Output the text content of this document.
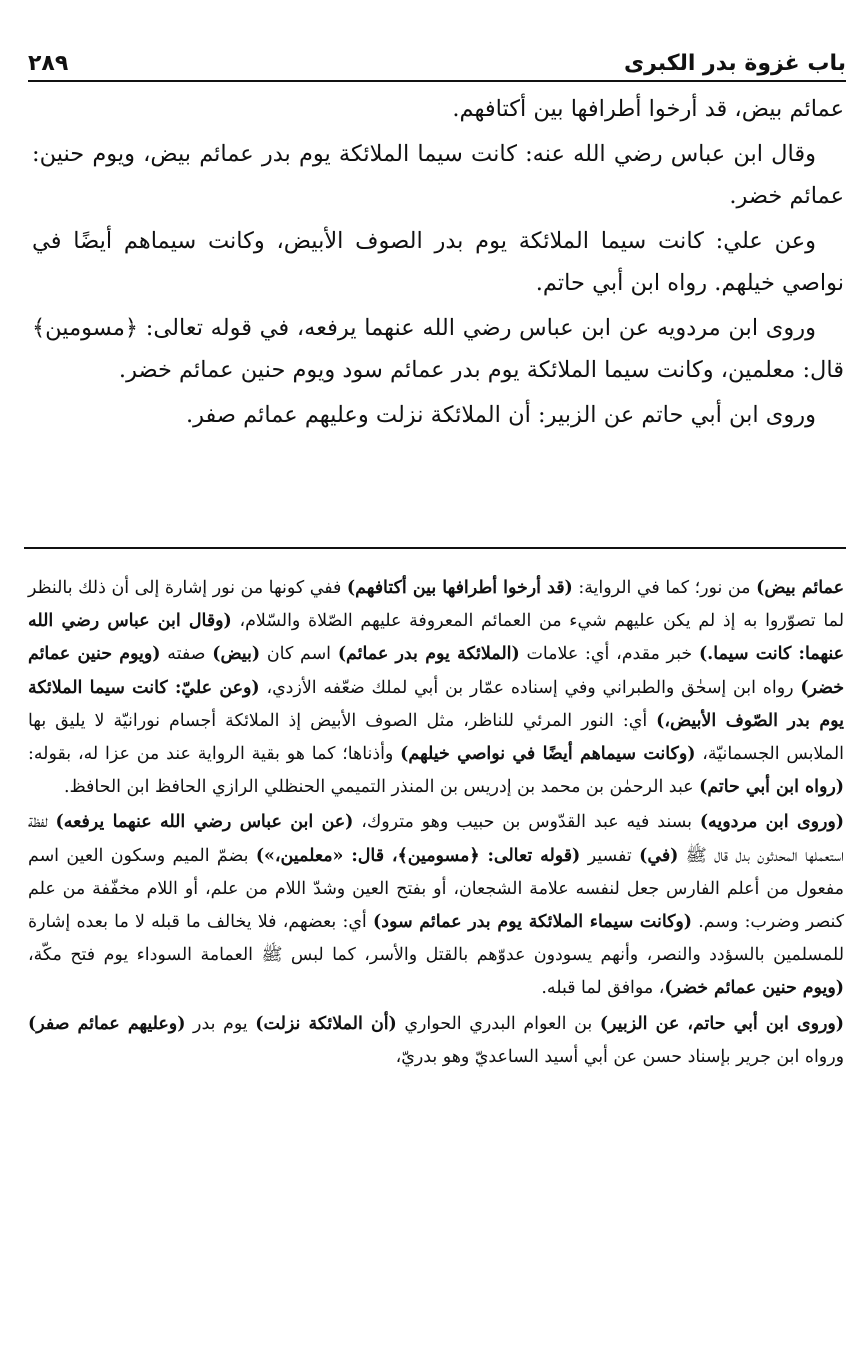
باب غزوة بدر الكبرى
٢٨٩

عمائم بيض، قد أرخوا أطرافها بين أكتافهم.

وقال ابن عباس رضي الله عنه: كانت سيما الملائكة يوم بدر عمائم بيض، ويوم حنين: عمائم خضر.

وعن علي: كانت سيما الملائكة يوم بدر الصوف الأبيض، وكانت سيماهم أيضًا في نواصي خيلهم. رواه ابن أبي حاتم.

وروى ابن مردويه عن ابن عباس رضي الله عنهما يرفعه، في قوله تعالى: ﴿مسومين﴾قال: معلمين، وكانت سيما الملائكة يوم بدر عمائم سود ويوم حنين عمائم خضر.

وروى ابن أبي حاتم عن الزبير: أن الملائكة نزلت وعليهم عمائم صفر.

عمائم بيض) من نور؛ كما في الرواية: (قد أرخوا أطرافها بين أكتافهم) ففي كونها من نور إشارة إلى أن ذلك بالنظر لما تصوّروا به إذ لم يكن عليهم شيء من العمائم المعروفة عليهم الصّلاة والسّلام، (وقال ابن عباس رضي الله عنهما: كانت سيما.) خبر مقدم، أي: علامات (الملائكة يوم بدر عمائم) اسم كان (بيض) صفته (ويوم حنين عمائم خضر) رواه ابن إسحٰق والطبراني وفي إسناده عمّار بن أبي لملك ضعّفه الأزدي، (وعن عليّ: كانت سيما الملائكة يوم بدر الصّوف الأبيض،) أي: النور المرئي للناظر، مثل الصوف الأبيض إذ الملائكة أجسام نورانيّة لا يليق بها الملابس الجسمانيّة، (وكانت سيماهم أيضًا في نواصي خيلهم) وأذناها؛ كما هو بقية الرواية عند من عزا له، بقوله: (رواه ابن أبي حاتم) عبد الرحمٰن بن محمد بن إدريس بن المنذر التميمي الحنظلي الرازي الحافظ ابن الحافظ.

(وروى ابن مردويه) بسند فيه عبد القدّوس بن حبيب وهو متروك، (عن ابن عباس رضي الله عنهما يرفعه) لفظة استعملها المحدثون بدل قال ﷺ (في) تفسير (قوله تعالى: ﴿مسومين﴾، قال: «معلمين،») بضمّ الميم وسكون العين اسم مفعول من أعلم الفارس جعل لنفسه علامة الشجعان، أو بفتح العين وشدّ اللام من علم، أو اللام مخفّفة من علم كنصر وضرب: وسم. (وكانت سيماء الملائكة يوم بدر عمائم سود) أي: بعضهم، فلا يخالف ما قبله لا ما بعده إشارة للمسلمين بالسؤدد والنصر، وأنهم يسودون عدوّهم بالقتل والأسر، كما لبس ﷺ العمامة السوداء يوم فتح مكّة، (ويوم حنين عمائم خضر)، موافق لما قبله.

(وروى ابن أبي حاتم، عن الزبير) بن العوام البدري الحواري (أن الملائكة نزلت) يوم بدر (وعليهم عمائم صفر) ورواه ابن جرير بإسناد حسن عن أبي أسيد الساعديّ وهو بدريّ،
